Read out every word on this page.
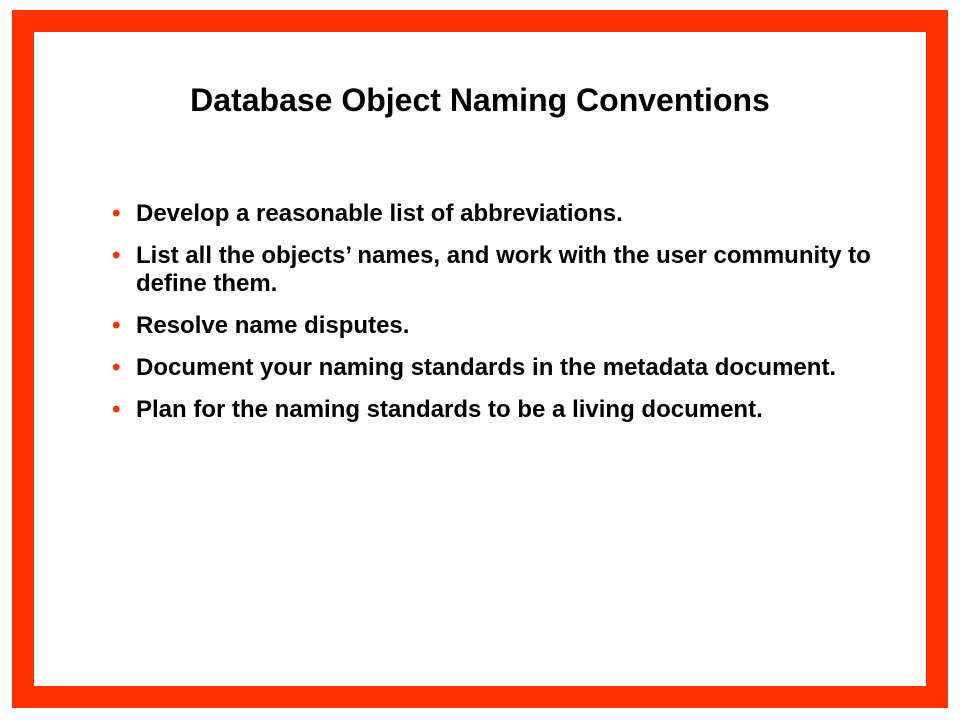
Database Object Naming Conventions
• Develop a reasonable list of abbreviations.
• List all the objects’ names, and work with the user community to define them.
• Resolve name disputes.
• Document your naming standards in the metadata document.
• Plan for the naming standards to be a living document.
